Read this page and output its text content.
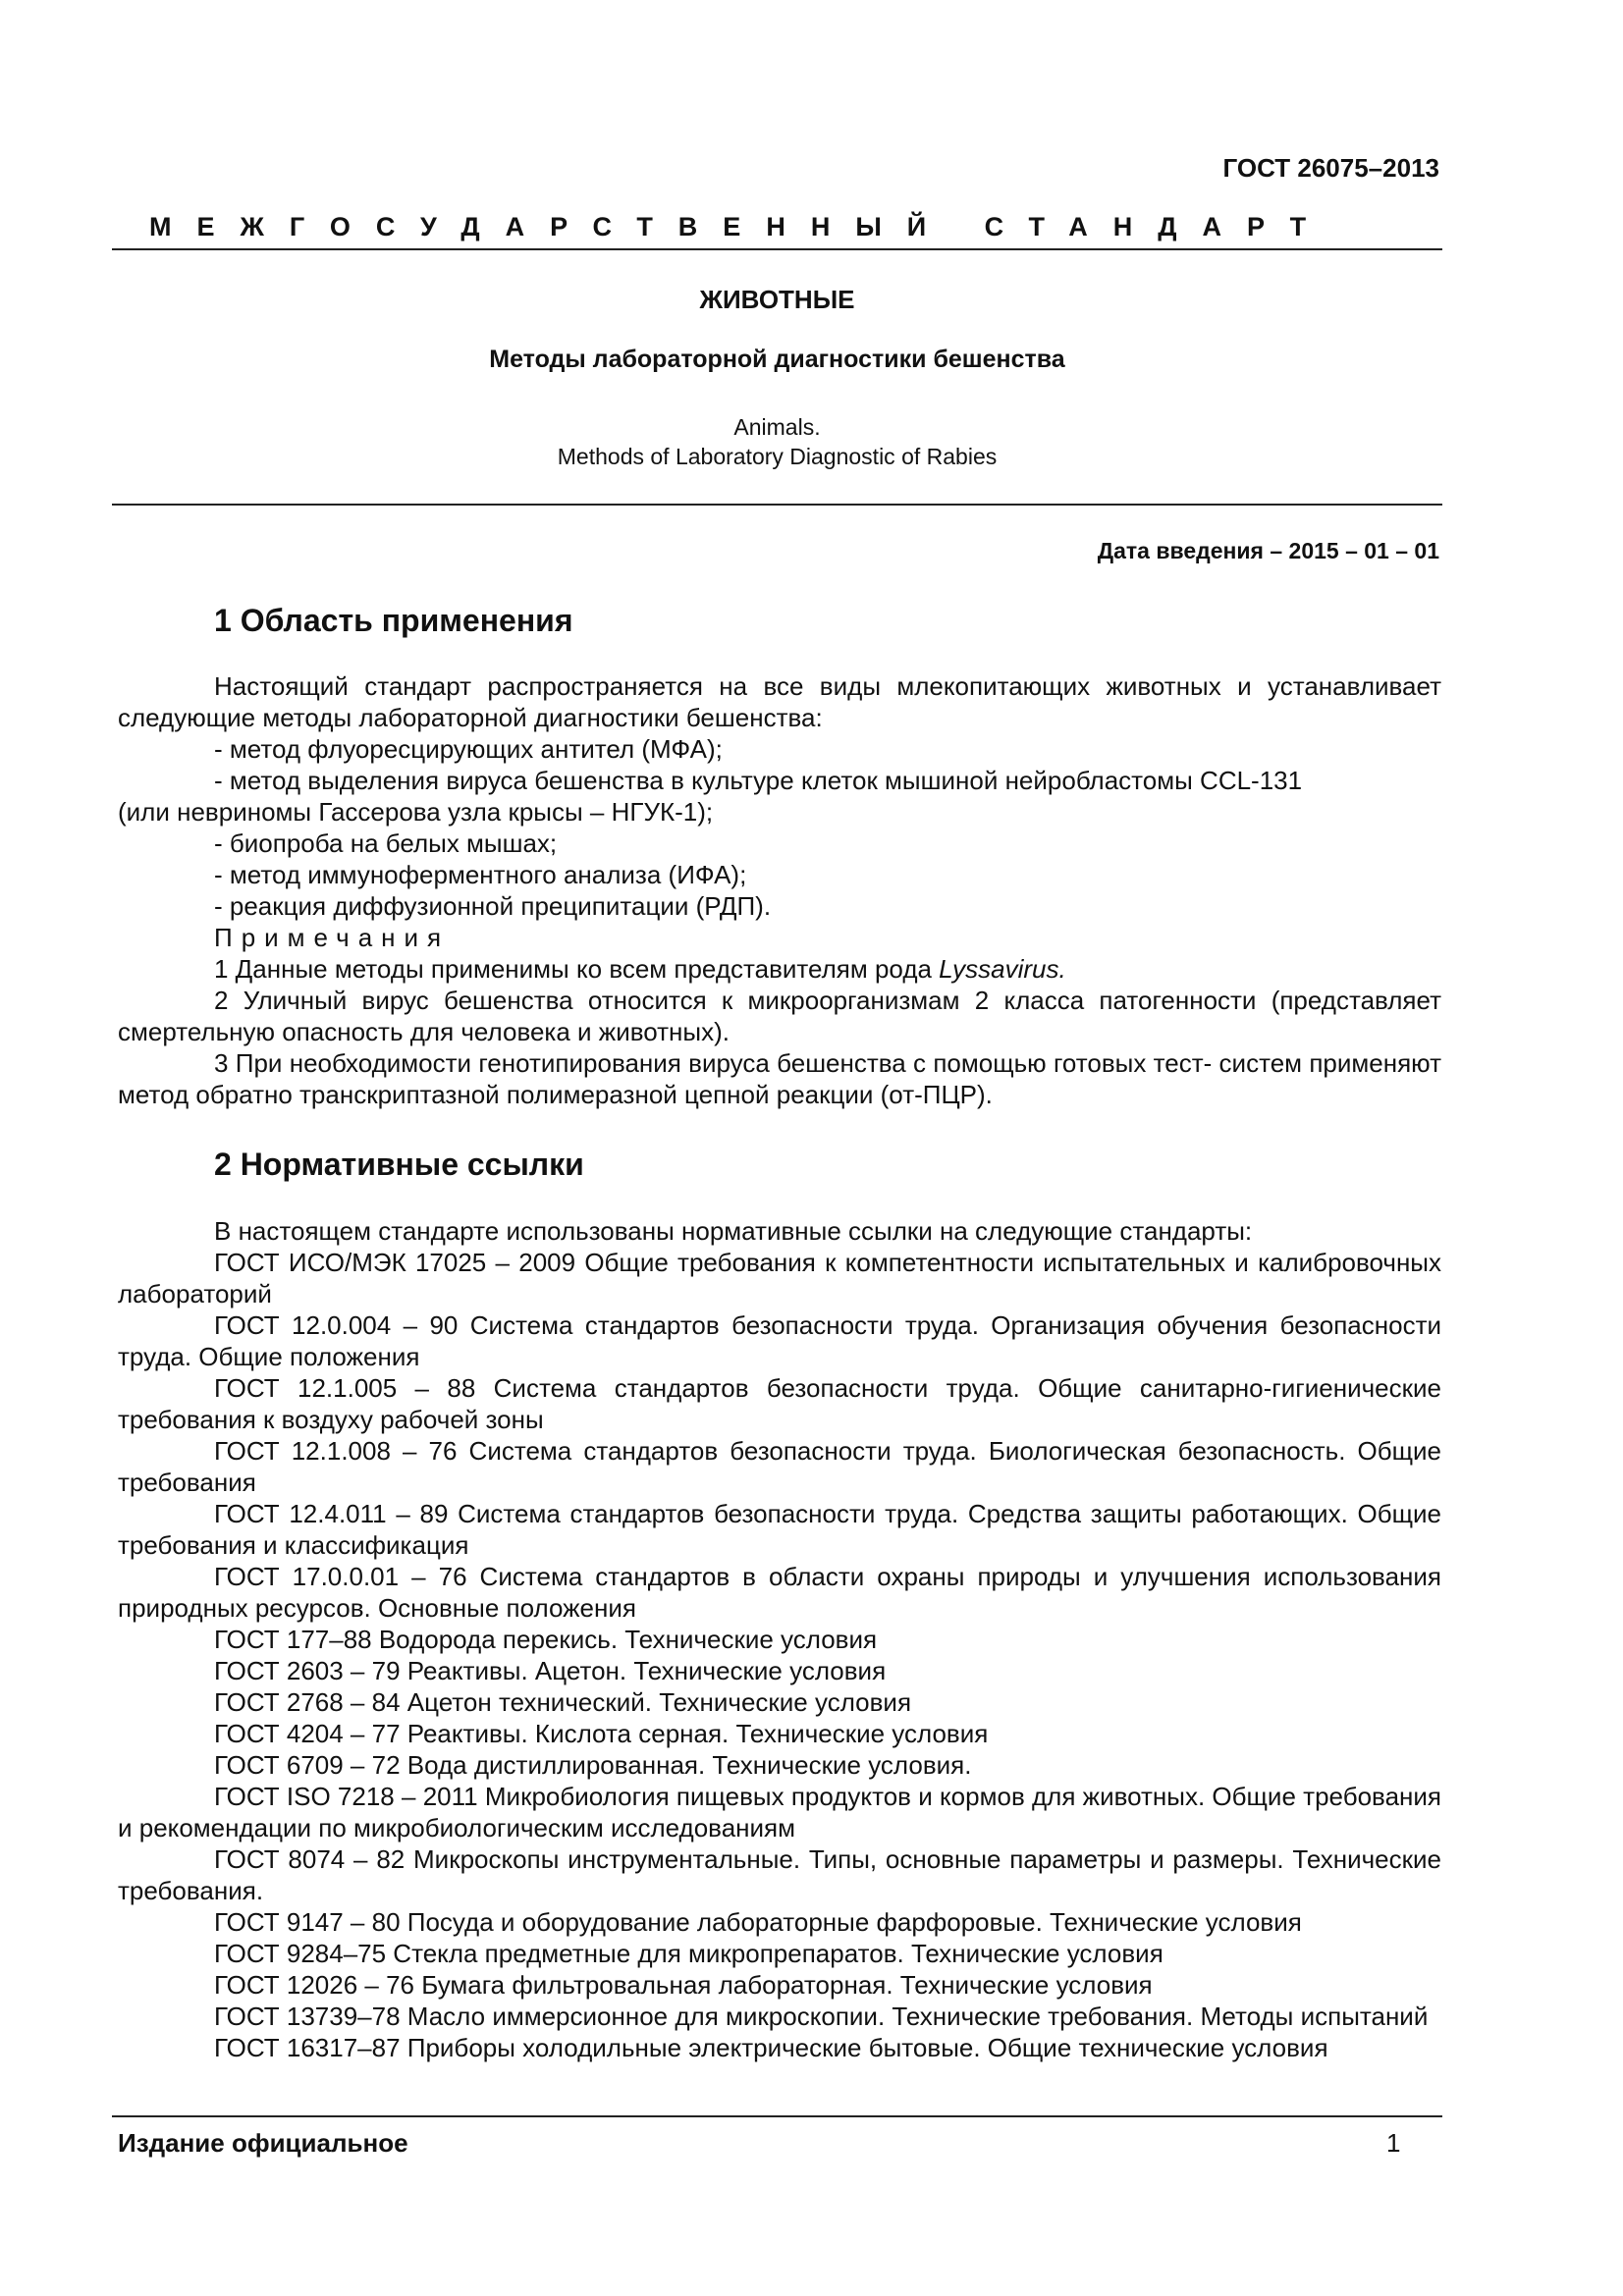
ГОСТ 26075–2013
МЕЖГОСУДАРСТВЕННЫЙ СТАНДАРТ
ЖИВОТНЫЕ
Методы лабораторной диагностики бешенства
Animals.
Methods of Laboratory Diagnostic of Rabies
Дата введения – 2015 – 01 – 01
1 Область применения

Настоящий стандарт распространяется на все виды млекопитающих животных и устанавливает следующие методы лабораторной диагностики бешенства:

- метод флуоресцирующих антител (МФА);

- метод выделения вируса бешенства в культуре клеток мышиной нейробластомы CCL-131

(или невриномы Гассерова узла крысы – НГУК-1);

- биопроба на белых мышах;

- метод иммуноферментного анализа (ИФА);

- реакция диффузионной преципитации (РДП).

Примечания

1 Данные методы применимы ко всем представителям рода Lyssavirus.

2 Уличный вирус бешенства относится к микроорганизмам 2 класса патогенности (представляет смертельную опасность для человека и животных).

3 При необходимости генотипирования вируса бешенства с помощью готовых тест- систем применяют метод обратно транскриптазной полимеразной цепной реакции (от-ПЦР).

2 Нормативные ссылки

В настоящем стандарте использованы нормативные ссылки на следующие стандарты:

ГОСТ ИСО/МЭК 17025 – 2009 Общие требования к компетентности испытательных и калибровочных лабораторий

ГОСТ 12.0.004 – 90 Система стандартов безопасности труда. Организация обучения безопасности труда. Общие положения

ГОСТ 12.1.005 – 88 Система стандартов безопасности труда. Общие санитарно-гигиенические требования к воздуху рабочей зоны

ГОСТ 12.1.008 – 76 Система стандартов безопасности труда. Биологическая безопасность. Общие требования

ГОСТ 12.4.011 – 89 Система стандартов безопасности труда. Средства защиты работающих. Общие требования и классификация

ГОСТ 17.0.0.01 – 76 Система стандартов в области охраны природы и улучшения использования природных ресурсов. Основные положения

ГОСТ 177–88 Водорода перекись. Технические условия

ГОСТ 2603 – 79 Реактивы. Ацетон. Технические условия

ГОСТ 2768 – 84 Ацетон технический. Технические условия

ГОСТ 4204 – 77 Реактивы. Кислота серная. Технические условия

ГОСТ 6709 – 72 Вода дистиллированная. Технические условия.

ГОСТ ISO 7218 – 2011 Микробиология пищевых продуктов и кормов для животных. Общие требования и рекомендации по микробиологическим исследованиям

ГОСТ 8074 – 82 Микроскопы инструментальные. Типы, основные параметры и размеры. Технические требования.

ГОСТ 9147 – 80 Посуда и оборудование лабораторные фарфоровые. Технические условия

ГОСТ 9284–75 Стекла предметные для микропрепаратов. Технические условия

ГОСТ 12026 – 76 Бумага фильтровальная лабораторная. Технические условия

ГОСТ 13739–78 Масло иммерсионное для микроскопии. Технические требования. Методы испытаний

ГОСТ 16317–87 Приборы холодильные электрические бытовые. Общие технические условия

Издание официальное	1
